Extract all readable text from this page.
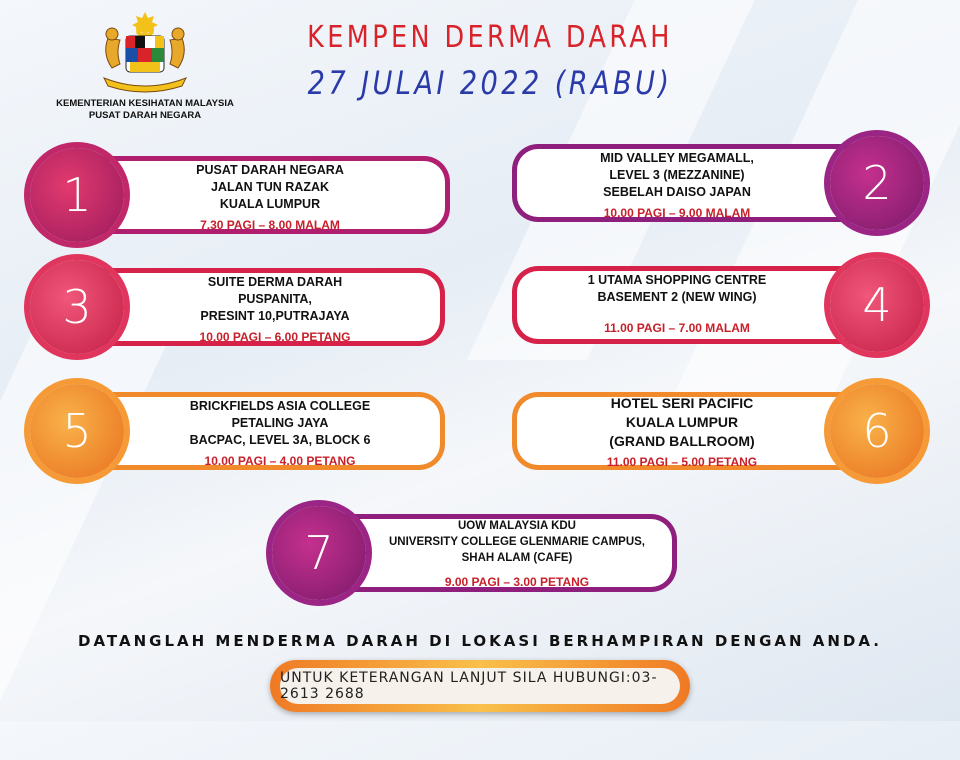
KEMENTERIAN KESIHATAN MALAYSIA
PUSAT DARAH NEGARA
KEMPEN DERMA DARAH
27 JULAI 2022 (RABU)
1	PUSAT DARAH NEGARA
JALAN TUN RAZAK
KUALA LUMPUR
7.30 PAGI – 8.00 MALAM
2
MID VALLEY MEGAMALL,
LEVEL 3 (MEZZANINE)
SEBELAH DAISO JAPAN
10.00 PAGI – 9.00 MALAM
3	SUITE DERMA DARAH
PUSPANITA,
PRESINT 10,PUTRAJAYA
10.00 PAGI – 6.00 PETANG
4
1 UTAMA SHOPPING CENTRE
BASEMENT 2 (NEW WING)
11.00 PAGI – 7.00 MALAM
5	BRICKFIELDS ASIA COLLEGE
PETALING JAYA
BACPAC, LEVEL 3A, BLOCK 6
10.00 PAGI – 4.00 PETANG
6
HOTEL SERI PACIFIC
KUALA LUMPUR
(GRAND BALLROOM)
11.00 PAGI – 5.00 PETANG
7	UOW MALAYSIA KDU
UNIVERSITY COLLEGE GLENMARIE CAMPUS,
SHAH ALAM (CAFE)
9.00 PAGI – 3.00 PETANG
DATANGLAH MENDERMA DARAH DI LOKASI BERHAMPIRAN DENGAN ANDA.
UNTUK KETERANGAN LANJUT SILA HUBUNGI:03-2613 2688
